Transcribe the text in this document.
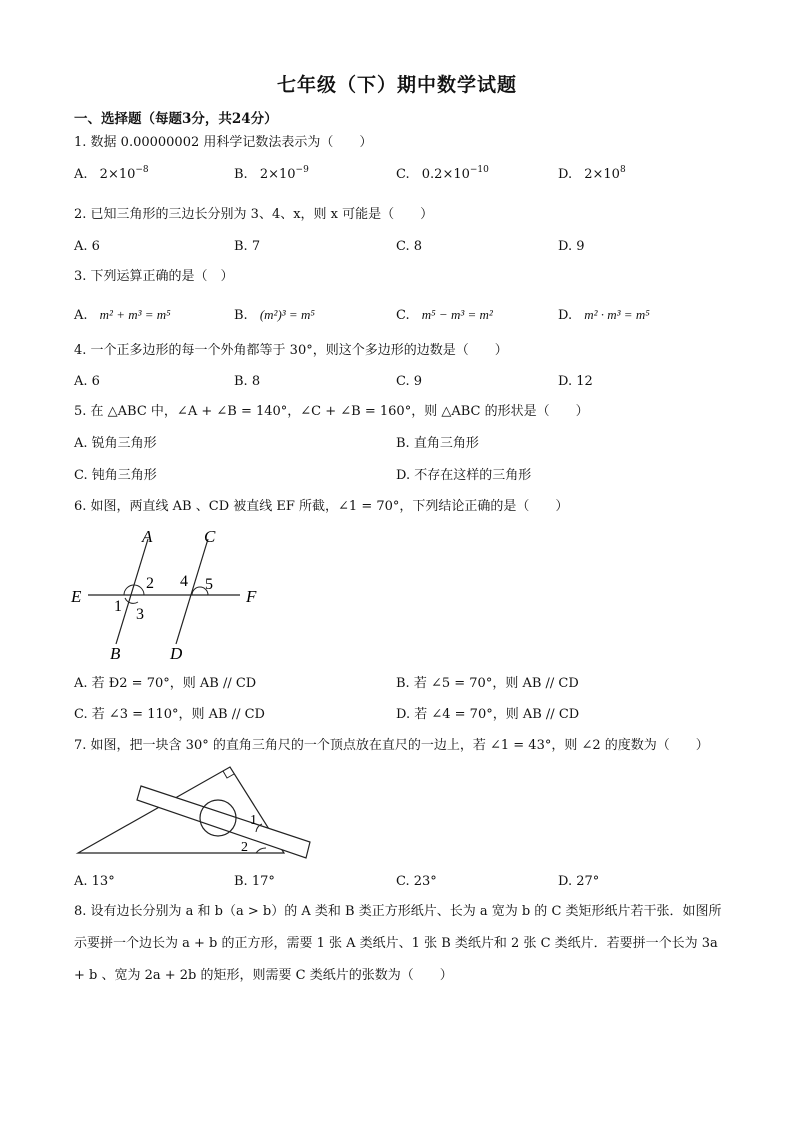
七年级（下）期中数学试题
一、选择题（每题3分，共24分）
1. 数据 0.00000002 用科学记数法表示为（　　）
A. $2\times 10^{-8}$	B. $2\times 10^{-9}$	C. $0.2\times 10^{-10}$	D. $2\times 10^8$
2. 已知三角形的三边长分别为 3、4、x，则 x 可能是（　　）
A. 6	B. 7	C. 8	D. 9
3. 下列运算正确的是（　）
A. m² + m³ = m⁵	B. (m²)³ = m⁵	C. m⁵ − m³ = m²	D. m² · m³ = m⁵
4. 一个正多边形的每一个外角都等于 30°，则这个多边形的边数是（　　）
A. 6	B. 8	C. 9	D. 12
5. 在 △ABC 中，∠A + ∠B = 140°，∠C + ∠B = 160°，则 △ABC 的形状是（　　）
A. 锐角三角形	B. 直角三角形
C. 钝角三角形	D. 不存在这样的三角形
6. 如图，两直线 AB 、CD 被直线 EF 所截，∠1 = 70°，下列结论正确的是（　　）
A	C
E	F
B	D
2
1 3
4 5
A. 若 Ð2 = 70°，则 AB // CD	B. 若 ∠5 = 70°，则 AB // CD
C. 若 ∠3 = 110°，则 AB // CD	D. 若 ∠4 = 70°，则 AB // CD
7. 如图，把一块含 30° 的直角三角尺的一个顶点放在直尺的一边上，若 ∠1 = 43°，则 ∠2 的度数为（　　）
1
2
A. 13°	B. 17°	C. 23°	D. 27°
8. 设有边长分别为 a 和 b（a > b）的 A 类和 B 类正方形纸片、长为 a 宽为 b 的 C 类矩形纸片若干张．如图所示要拼一个边长为 a + b 的正方形，需要 1 张 A 类纸片、1 张 B 类纸片和 2 张 C 类纸片．若要拼一个长为 3a + b 、宽为 2a + 2b 的矩形，则需要 C 类纸片的张数为（　　）
